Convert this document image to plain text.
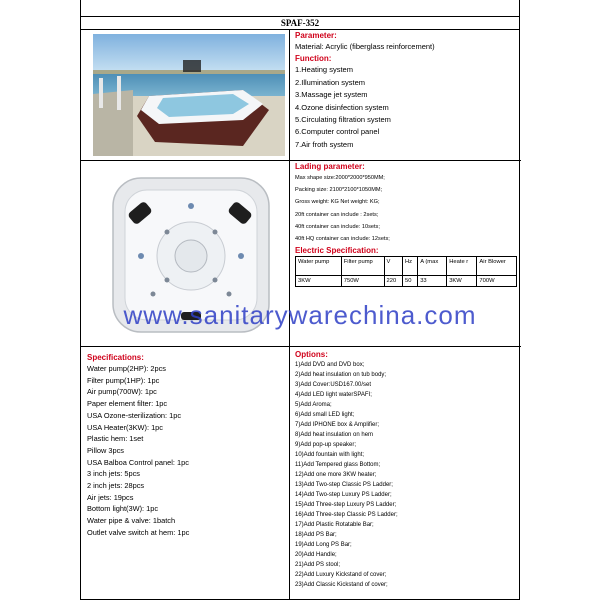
SPAF-352
Parameter:
Material: Acrylic (fiberglass reinforcement)
Function:
1.Heating system
2.Illumination system
3.Massage jet system
4.Ozone disinfection system
5.Circulating filtration system
6.Computer control panel
7.Air froth system
Lading parameter:
Max shape size:2000*2000*950MM;
Packing size: 2100*2100*1050MM;
Gross weight: KG Net weight: KG;
20ft container can include : 2sets;
40ft container can include: 10sets;
40ft HQ container can include: 12sets;
Electric Specification:
Water pump	Filter pump	V	Hz	A (max	Heate r	Air Blower
3KW	750W	220	50	33	3KW	700W
Specifications:
Water pump(2HP): 2pcs
Filter pump(1HP): 1pc
Air pump(700W): 1pc
Paper element filter: 1pc
USA Ozone-sterilization: 1pc
USA Heater(3KW): 1pc
Plastic hem: 1set
Pillow 3pcs
USA Balboa Control panel: 1pc
3 inch jets: 5pcs
2 inch jets: 28pcs
Air jets: 19pcs
Bottom light(3W): 1pc
Water pipe & valve: 1batch
Outlet valve switch at hem: 1pc
Options:
1)Add DVD and DVD box;
2)Add heat insulation on tub body;
3)Add Cover:USD167.00/set
4)Add LED light waterSPAFI;
5)Add Aroma;
6)Add small LED light;
7)Add IPHONE box & Amplifier;
8)Add heat insulation on hem
9)Add pop-up speaker;
10)Add fountain with light;
11)Add Tempered glass Bottom;
12)Add one more 3KW heater;
13)Add Two-step Classic PS Ladder;
14)Add Two-step Luxury PS Ladder;
15)Add Three-step Luxury PS Ladder;
16)Add Three-step Classic PS Ladder;
17)Add Plastic Rotatable Bar;
18)Add PS Bar;
19)Add Long PS Bar;
20)Add Handle;
21)Add PS stool;
22)Add Luxury Kickstand of cover;
23)Add Classic Kickstand of cover;
www.sanitarywarechina.com
